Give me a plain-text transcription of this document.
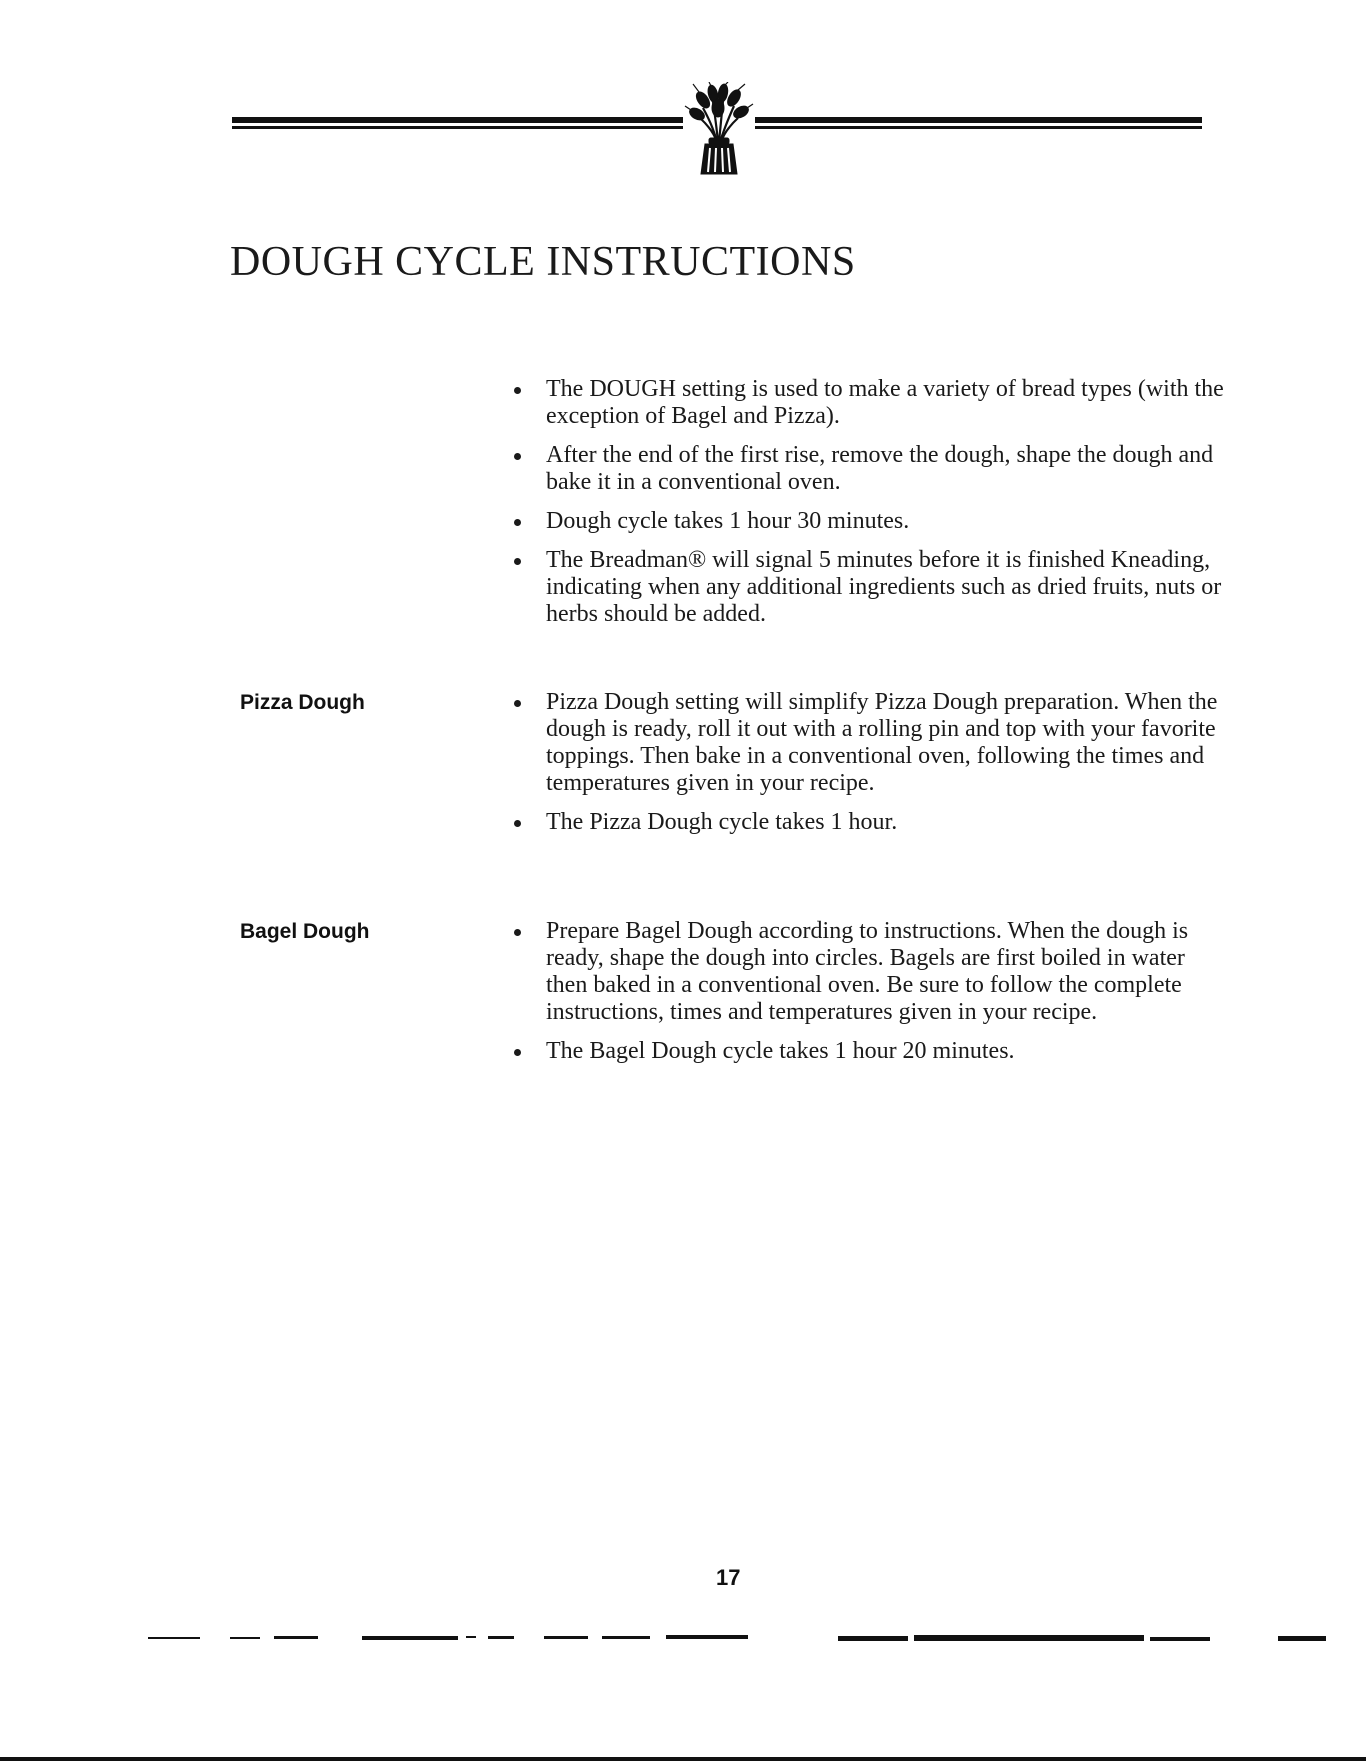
DOUGH CYCLE INSTRUCTIONS
The DOUGH setting is used to make a variety of bread types (with the exception of Bagel and Pizza).
After the end of the first rise, remove the dough, shape the dough and bake it in a conventional oven.
Dough cycle takes 1 hour 30 minutes.
The Breadman® will signal 5 minutes before it is finished Kneading, indicating when any additional ingredients such as dried fruits, nuts or herbs should be added.
Pizza Dough	Pizza Dough setting will simplify Pizza Dough preparation. When the dough is ready, roll it out with a rolling pin and top with your favorite toppings. Then bake in a conventional oven, following the times and temperatures given in your recipe.
The Pizza Dough cycle takes 1 hour.
Bagel Dough	Prepare Bagel Dough according to instructions. When the dough is ready, shape the dough into circles. Bagels are first boiled in water then baked in a conventional oven. Be sure to follow the complete instructions, times and temperatures given in your recipe.
The Bagel Dough cycle takes 1 hour 20 minutes.
17
